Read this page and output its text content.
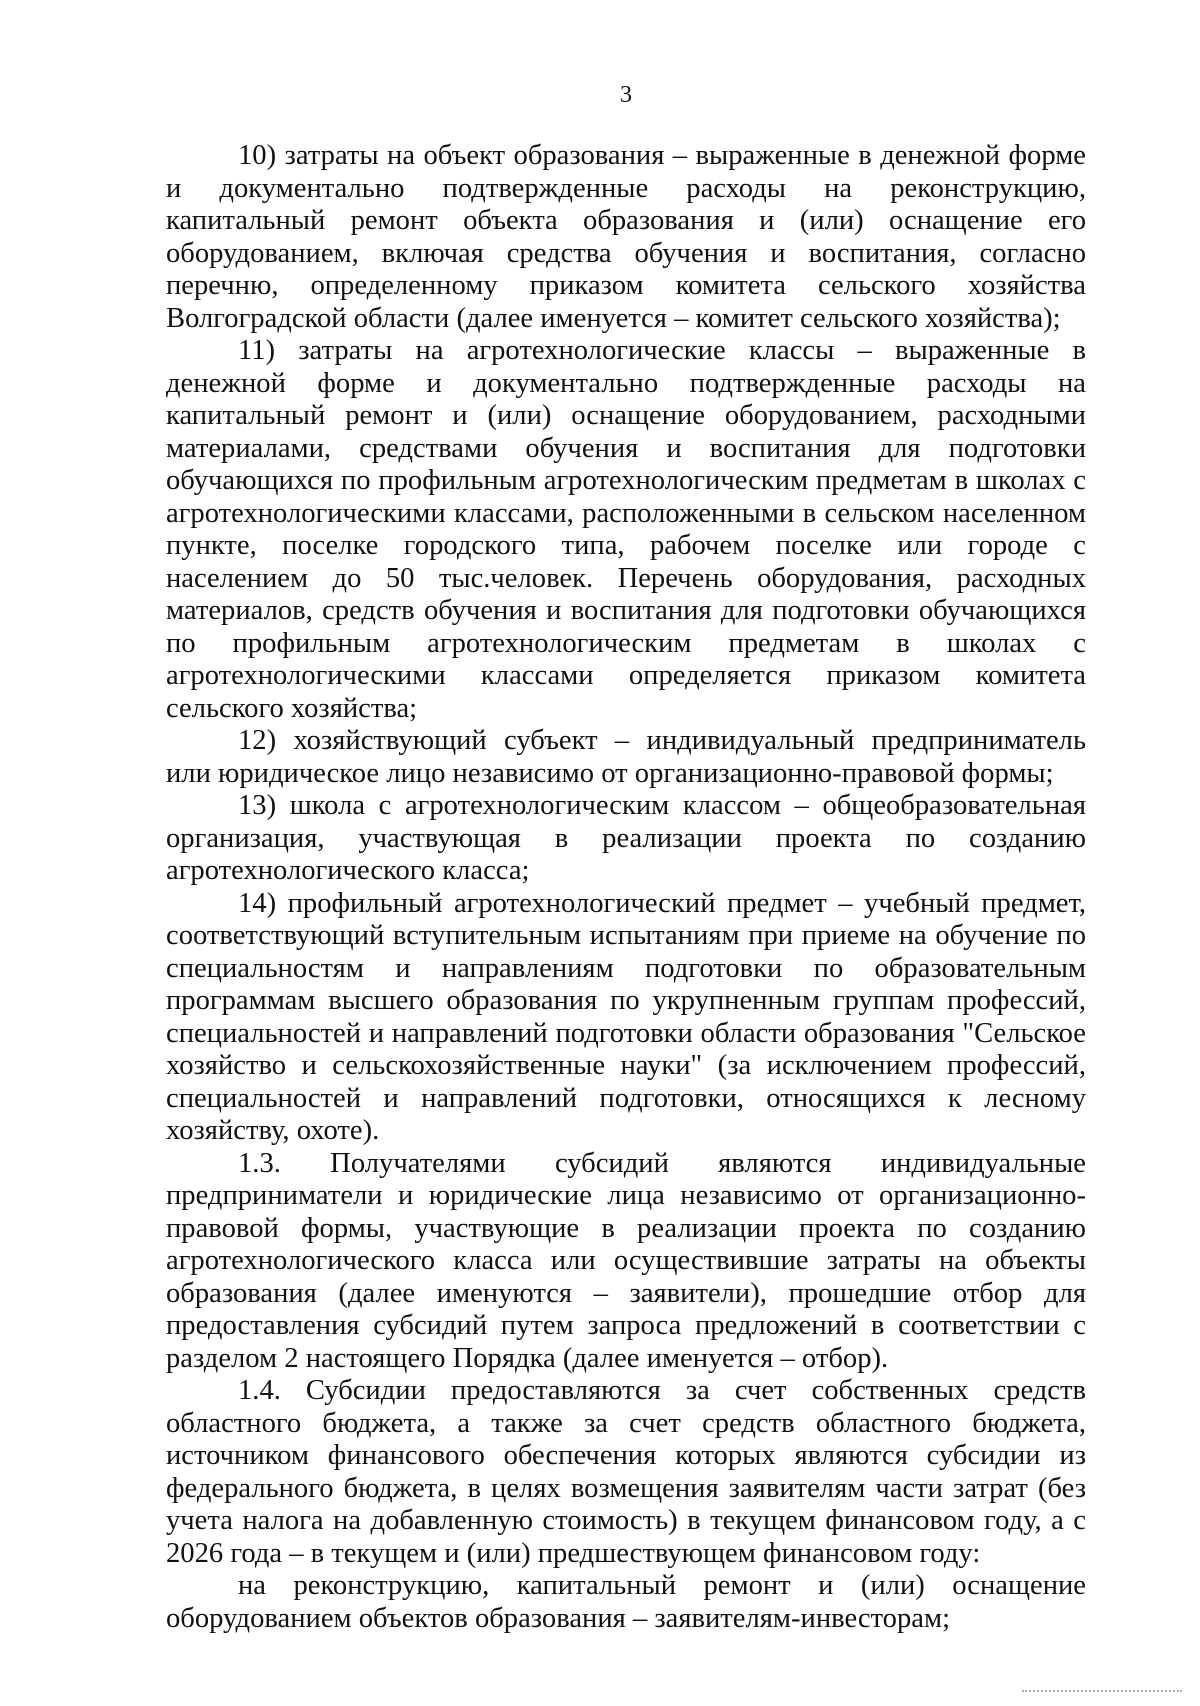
3

10) затраты на объект образования – выраженные в денежной форме и документально подтвержденные расходы на реконструкцию, капитальный ремонт объекта образования и (или) оснащение его оборудованием, включая средства обучения и воспитания, согласно перечню, определенному приказом комитета сельского хозяйства Волгоградской области (далее именуется – комитет сельского хозяйства);

11) затраты на агротехнологические классы – выраженные в денежной форме и документально подтвержденные расходы на капитальный ремонт и (или) оснащение оборудованием, расходными материалами, средствами обучения и воспитания для подготовки обучающихся по профильным агротехнологическим предметам в школах с агротехнологическими классами, расположенными в сельском населенном пункте, поселке городского типа, рабочем поселке или городе с населением до 50 тыс.человек. Перечень оборудования, расходных материалов, средств обучения и воспитания для подготовки обучающихся по профильным агротехнологическим предметам в школах с агротехнологическими классами определяется приказом комитета сельского хозяйства;

12) хозяйствующий субъект – индивидуальный предприниматель или юридическое лицо независимо от организационно-правовой формы;

13) школа с агротехнологическим классом – общеобразовательная организация, участвующая в реализации проекта по созданию агротехнологического класса;

14) профильный агротехнологический предмет – учебный предмет, соответствующий вступительным испытаниям при приеме на обучение по специальностям и направлениям подготовки по образовательным программам высшего образования по укрупненным группам профессий, специальностей и направлений подготовки области образования "Сельское хозяйство и сельскохозяйственные науки" (за исключением профессий, специальностей и направлений подготовки, относящихся к лесному хозяйству, охоте).

1.3. Получателями субсидий являются индивидуальные предприниматели и юридические лица независимо от организационно-правовой формы, участвующие в реализации проекта по созданию агротехнологического класса или осуществившие затраты на объекты образования (далее именуются – заявители), прошедшие отбор для предоставления субсидий путем запроса предложений в соответствии с разделом 2 настоящего Порядка (далее именуется – отбор).

1.4. Субсидии предоставляются за счет собственных средств областного бюджета, а также за счет средств областного бюджета, источником финансового обеспечения которых являются субсидии из федерального бюджета, в целях возмещения заявителям части затрат (без учета налога на добавленную стоимость) в текущем финансовом году, а с 2026 года – в текущем и (или) предшествующем финансовом году:

на реконструкцию, капитальный ремонт и (или) оснащение оборудованием объектов образования – заявителям-инвесторам;
